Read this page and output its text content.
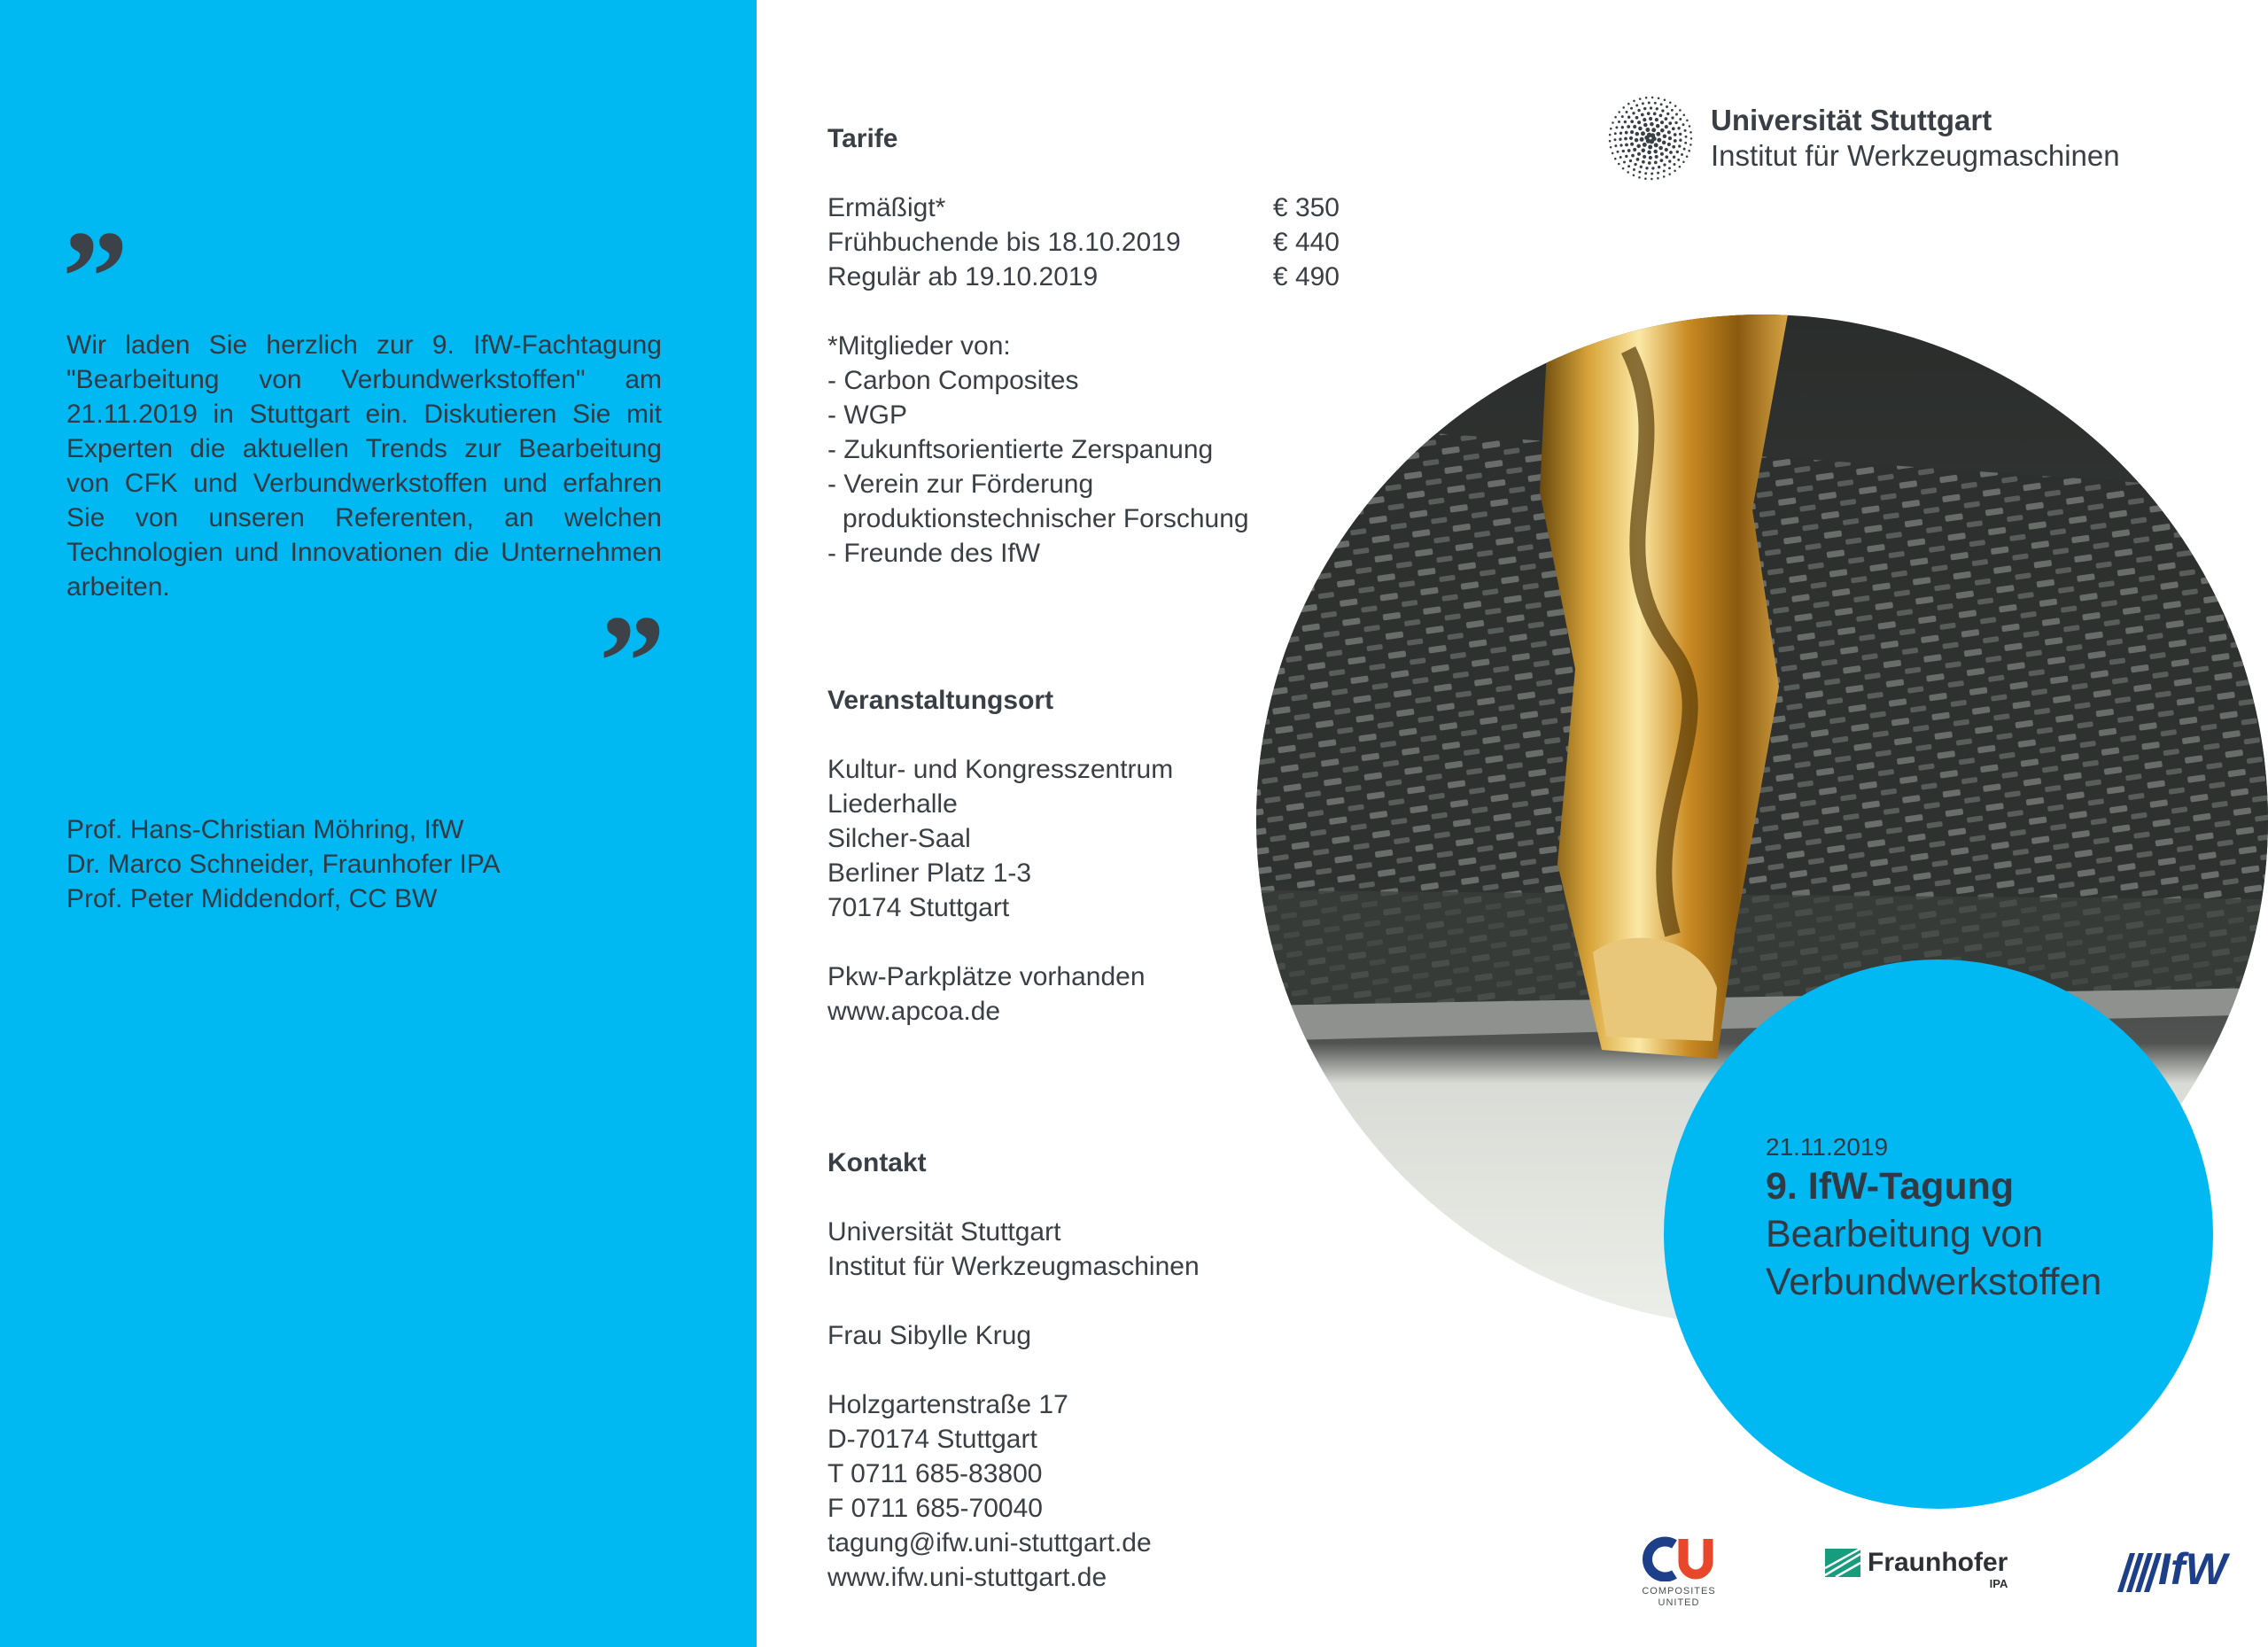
”
Wir laden Sie herzlich zur 9. IfW-Fachtagung "Bearbeitung von Verbundwerkstoffen" am 21.11.2019 in Stuttgart ein. Diskutieren Sie mit Experten die aktuellen Trends zur Bearbeitung von CFK und Verbundwerkstoffen und erfahren Sie von unseren Referenten, an welchen Technologien und Innovationen die Unternehmen arbeiten.
”
Prof. Hans-Christian Möhring, IfW
Dr. Marco Schneider, Fraunhofer IPA
Prof. Peter Middendorf, CC BW
Tarife
Ermäßigt*	€ 350
Frühbuchende bis 18.10.2019	€ 440
Regulär ab 19.10.2019	€ 490
*Mitglieder von:
- Carbon Composites
- WGP
- Zukunftsorientierte Zerspanung
- Verein zur Förderung
produktionstechnischer Forschung
- Freunde des IfW
Veranstaltungsort
Kultur- und Kongresszentrum
Liederhalle
Silcher-Saal
Berliner Platz 1-3
70174 Stuttgart
Pkw-Parkplätze vorhanden
www.apcoa.de
Kontakt
Universität Stuttgart
Institut für Werkzeugmaschinen
Frau Sibylle Krug
Holzgartenstraße 17
D-70174 Stuttgart
T 0711 685-83800
F 0711 685-70040
tagung@ifw.uni-stuttgart.de
www.ifw.uni-stuttgart.de
Universität Stuttgart
Institut für Werkzeugmaschinen
21.11.2019
9. IfW-Tagung
Bearbeitung von
Verbundwerkstoffen
COMPOSITES
UNITED
Fraunhofer
IPA	IfW
